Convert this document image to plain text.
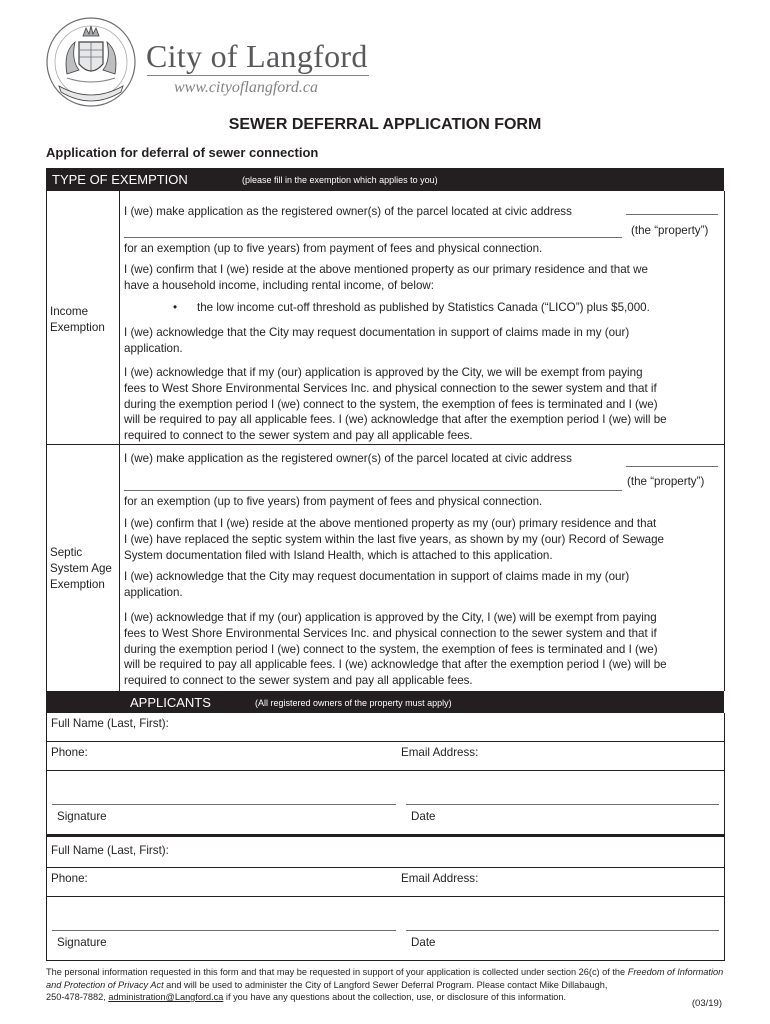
City of Langford
www.cityoflangford.ca
SEWER DEFERRAL APPLICATION FORM
Application for deferral of sewer connection
TYPE OF EXEMPTION	(please fill in the exemption which applies to you)
Income
Exemption
I (we) make application as the registered owner(s) of the parcel located at civic address
(the “property”)
for an exemption (up to five years) from payment of fees and physical connection.
I (we) confirm that I (we) reside at the above mentioned property as our primary residence and that we
have a household income, including rental income, of below:
• the low income cut-off threshold as published by Statistics Canada (“LICO”) plus $5,000.
I (we) acknowledge that the City may request documentation in support of claims made in my (our)
application.
I (we) acknowledge that if my (our) application is approved by the City, we will be exempt from paying
fees to West Shore Environmental Services Inc. and physical connection to the sewer system and that if
during the exemption period I (we) connect to the system, the exemption of fees is terminated and I (we)
will be required to pay all applicable fees. I (we) acknowledge that after the exemption period I (we) will be
required to connect to the sewer system and pay all applicable fees.
Septic
System Age
Exemption
I (we) make application as the registered owner(s) of the parcel located at civic address
(the “property”)
for an exemption (up to five years) from payment of fees and physical connection.
I (we) confirm that I (we) reside at the above mentioned property as my (our) primary residence and that
I (we) have replaced the septic system within the last five years, as shown by my (our) Record of Sewage
System documentation filed with Island Health, which is attached to this application.
I (we) acknowledge that the City may request documentation in support of claims made in my (our)
application.
I (we) acknowledge that if my (our) application is approved by the City, I (we) will be exempt from paying
fees to West Shore Environmental Services Inc. and physical connection to the sewer system and that if
during the exemption period I (we) connect to the system, the exemption of fees is terminated and I (we)
will be required to pay all applicable fees. I (we) acknowledge that after the exemption period I (we) will be
required to connect to the sewer system and pay all applicable fees.
APPLICANTS	(All registered owners of the property must apply)
Full Name (Last, First):
Phone:	Email Address:
Signature	Date
Full Name (Last, First):
Phone:	Email Address:
Signature	Date
The personal information requested in this form and that may be requested in support of your application is collected under section 26(c) of the Freedom of Information and Protection of Privacy Act and will be used to administer the City of Langford Sewer Deferral Program. Please contact Mike Dillabaugh,
250-478-7882, administration@Langford.ca if you have any questions about the collection, use, or disclosure of this information.
(03/19)
